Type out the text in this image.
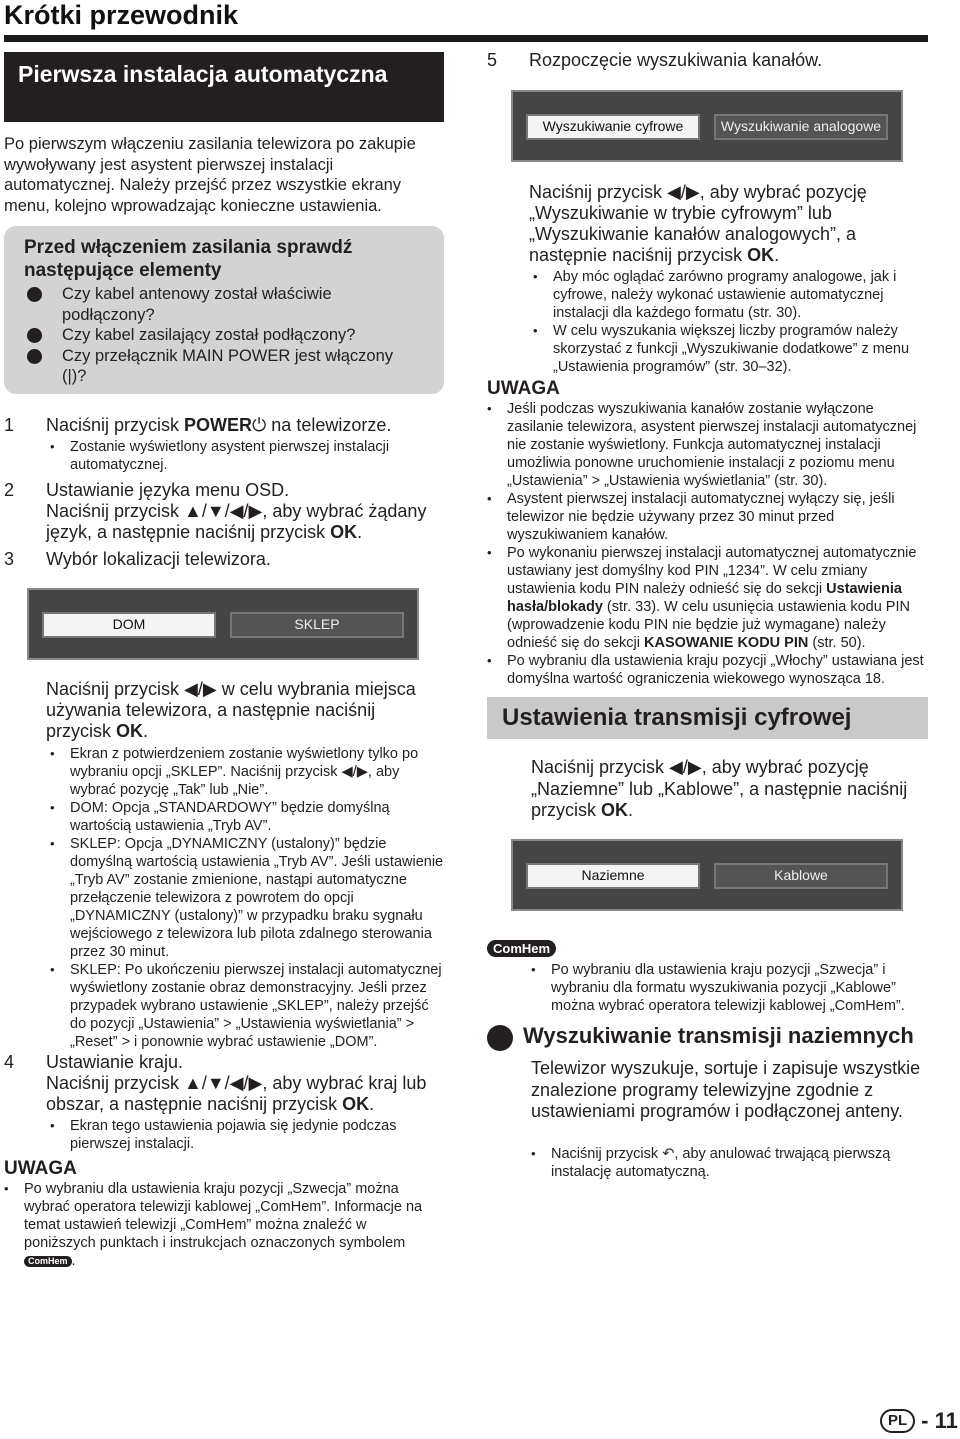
Krótki przewodnik
Pierwsza instalacja automatyczna
Po pierwszym włączeniu zasilania telewizora po zakupie wywoływany jest asystent pierwszej instalacji automatycznej. Należy przejść przez wszystkie ekrany menu, kolejno wprowadzając konieczne ustawienia.
Przed włączeniem zasilania sprawdź następujące elementy
Czy kabel antenowy został właściwie podłączony?
Czy kabel zasilający został podłączony?
Czy przełącznik MAIN POWER jest włączony (|)?
1	Naciśnij przycisk POWER⏻ na telewizorze.
•	Zostanie wyświetlony asystent pierwszej instalacji automatycznej.
2	Ustawianie języka menu OSD.
Naciśnij przycisk ▲/▼/◀/▶, aby wybrać żądany język, a następnie naciśnij przycisk OK.
3	Wybór lokalizacji telewizora.
DOM	SKLEP
Naciśnij przycisk ◀/▶ w celu wybrania miejsca używania telewizora, a następnie naciśnij przycisk OK.
•	Ekran z potwierdzeniem zostanie wyświetlony tylko po wybraniu opcji „SKLEP”. Naciśnij przycisk ◀/▶, aby wybrać pozycję „Tak” lub „Nie”.
•	DOM: Opcja „STANDARDOWY” będzie domyślną wartością ustawienia „Tryb AV”.
•	SKLEP: Opcja „DYNAMICZNY (ustalony)” będzie domyślną wartością ustawienia „Tryb AV”. Jeśli ustawienie „Tryb AV” zostanie zmienione, nastąpi automatyczne przełączenie telewizora z powrotem do opcji „DYNAMICZNY (ustalony)” w przypadku braku sygnału wejściowego z telewizora lub pilota zdalnego sterowania przez 30 minut.
•	SKLEP: Po ukończeniu pierwszej instalacji automatycznej wyświetlony zostanie obraz demonstracyjny. Jeśli przez przypadek wybrano ustawienie „SKLEP”, należy przejść do pozycji „Ustawienia” > „Ustawienia wyświetlania” > „Reset” > i ponownie wybrać ustawienie „DOM”.
4	Ustawianie kraju.
Naciśnij przycisk ▲/▼/◀/▶, aby wybrać kraj lub obszar, a następnie naciśnij przycisk OK.
•	Ekran tego ustawienia pojawia się jedynie podczas pierwszej instalacji.
UWAGA
•	Po wybraniu dla ustawienia kraju pozycji „Szwecja” można wybrać operatora telewizji kablowej „ComHem”. Informacje na temat ustawień telewizji „ComHem” można znaleźć w poniższych punktach i instrukcjach oznaczonych symbolem
ComHem .
5	Rozpoczęcie wyszukiwania kanałów.
Wyszukiwanie cyfrowe	Wyszukiwanie analogowe
Naciśnij przycisk ◀/▶, aby wybrać pozycję „Wyszukiwanie w trybie cyfrowym” lub „Wyszukiwanie kanałów analogowych”, a następnie naciśnij przycisk OK.
•	Aby móc oglądać zarówno programy analogowe, jak i cyfrowe, należy wykonać ustawienie automatycznej instalacji dla każdego formatu (str. 30).
•	W celu wyszukania większej liczby programów należy skorzystać z funkcji „Wyszukiwanie dodatkowe” z menu „Ustawienia programów” (str. 30–32).
UWAGA
•	Jeśli podczas wyszukiwania kanałów zostanie wyłączone zasilanie telewizora, asystent pierwszej instalacji automatycznej nie zostanie wyświetlony. Funkcja automatycznej instalacji umożliwia ponowne uruchomienie instalacji z poziomu menu „Ustawienia” > „Ustawienia wyświetlania” (str. 30).
•	Asystent pierwszej instalacji automatycznej wyłączy się, jeśli telewizor nie będzie używany przez 30 minut przed wyszukiwaniem kanałów.
•	Po wykonaniu pierwszej instalacji automatycznej automatycznie ustawiany jest domyślny kod PIN „1234”. W celu zmiany ustawienia kodu PIN należy odnieść się do sekcji Ustawienia hasła/blokady (str. 33). W celu usunięcia ustawienia kodu PIN (wprowadzenie kodu PIN nie będzie już wymagane) należy odnieść się do sekcji KASOWANIE KODU PIN (str. 50).
•	Po wybraniu dla ustawienia kraju pozycji „Włochy” ustawiana jest domyślna wartość ograniczenia wiekowego wynosząca 18.
Ustawienia transmisji cyfrowej
Naciśnij przycisk ◀/▶, aby wybrać pozycję „Naziemne” lub „Kablowe”, a następnie naciśnij przycisk OK.
Naziemne	Kablowe
ComHem
•	Po wybraniu dla ustawienia kraju pozycji „Szwecja” i wybraniu dla formatu wyszukiwania pozycji „Kablowe” można wybrać operatora telewizji kablowej „ComHem”.
Wyszukiwanie transmisji naziemnych
Telewizor wyszukuje, sortuje i zapisuje wszystkie znalezione programy telewizyjne zgodnie z ustawieniami programów i podłączonej anteny.
•	Naciśnij przycisk ↶, aby anulować trwającą pierwszą instalację automatyczną.
PL - 11
